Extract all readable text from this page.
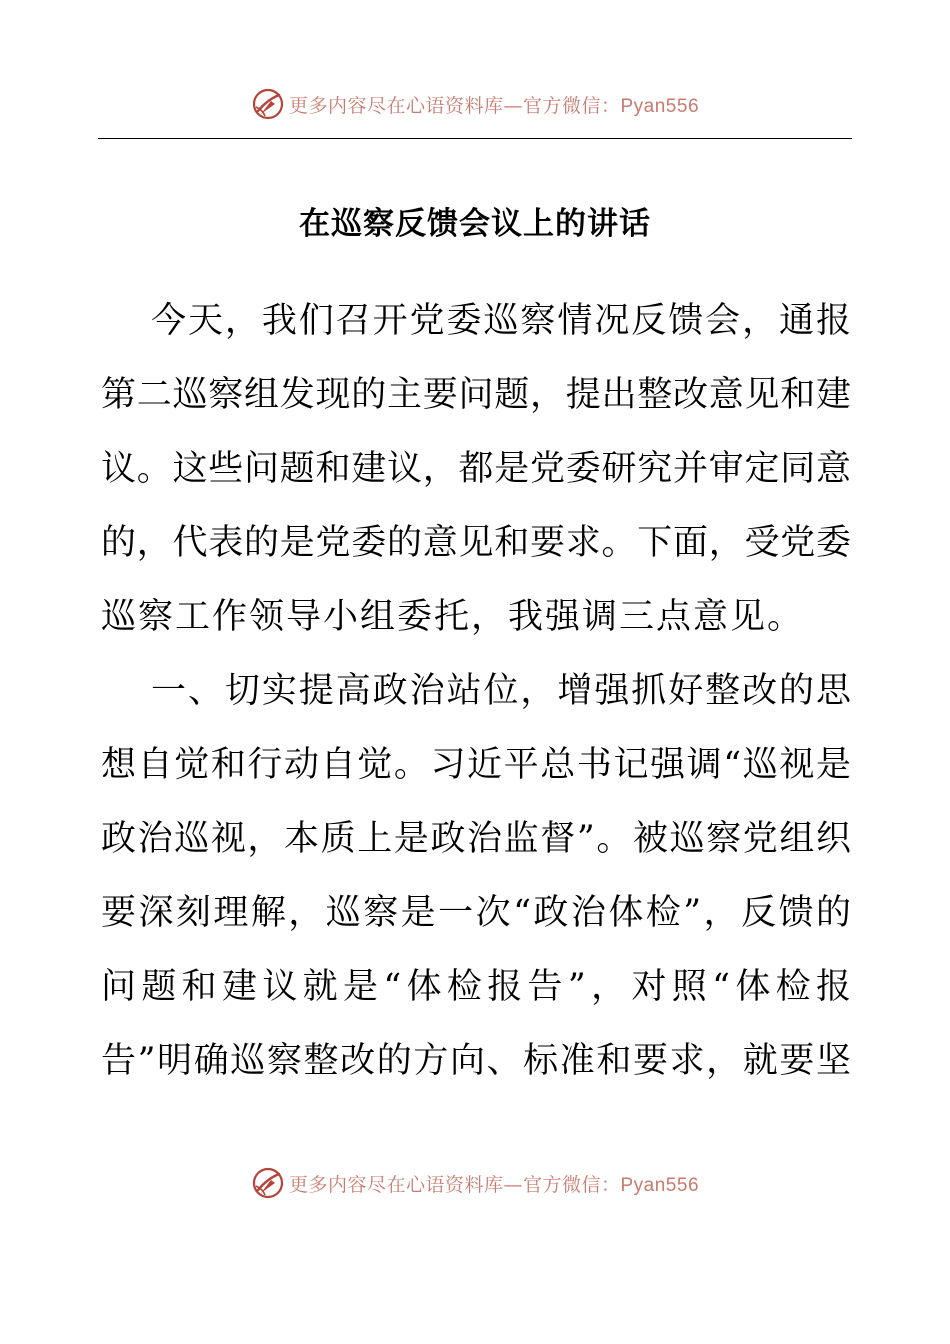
更多内容尽在心语资料库—官方微信：Pyan556
在巡察反馈会议上的讲话
今天，我们召开党委巡察情况反馈会，通报
第二巡察组发现的主要问题，提出整改意见和建
议。这些问题和建议，都是党委研究并审定同意
的，代表的是党委的意见和要求。下面，受党委
巡察工作领导小组委托，我强调三点意见。
一、切实提高政治站位，增强抓好整改的思
想自觉和行动自觉。习近平总书记强调“巡视是
政治巡视，本质上是政治监督”。被巡察党组织
要深刻理解，巡察是一次“政治体检”，反馈的
问题和建议就是“体检报告”，对照“体检报
告”明确巡察整改的方向、标准和要求，就要坚
更多内容尽在心语资料库—官方微信：Pyan556
